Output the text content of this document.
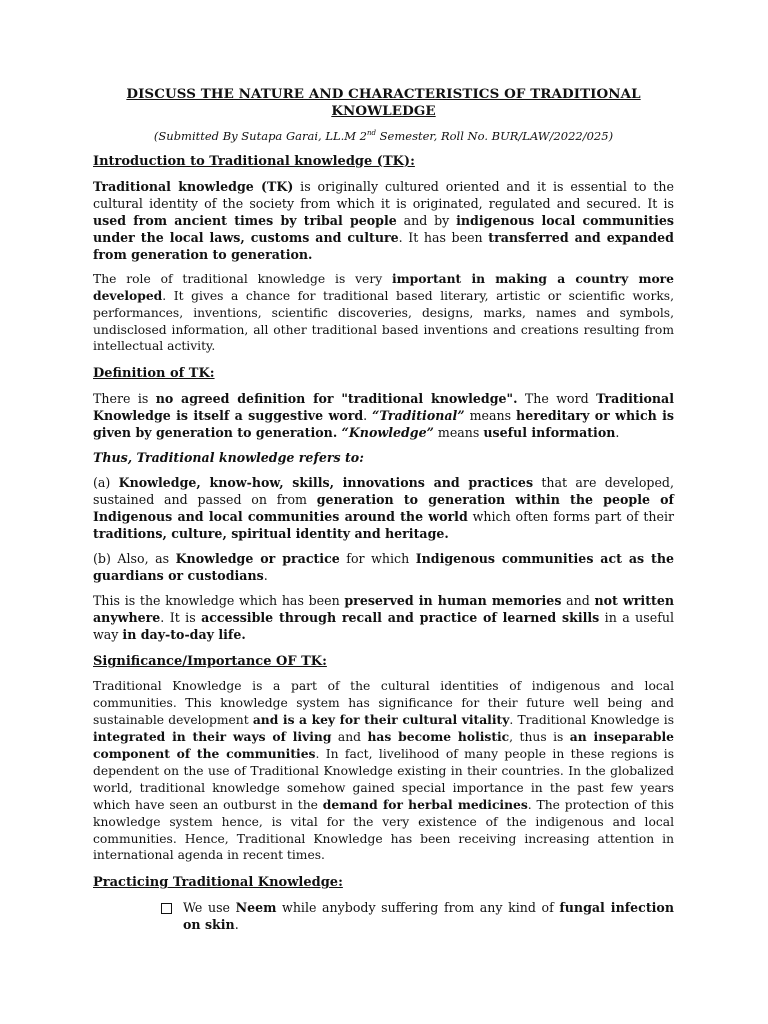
DISCUSS THE NATURE AND CHARACTERISTICS OF TRADITIONAL KNOWLEDGE
(Submitted By Sutapa Garai, LL.M 2nd Semester, Roll No. BUR/LAW/2022/025)
Introduction to Traditional knowledge (TK):

Traditional knowledge (TK) is originally cultured oriented and it is essential to the cultural identity of the society from which it is originated, regulated and secured. It is used from ancient times by tribal people and by indigenous local communities under the local laws, customs and culture. It has been transferred and expanded from generation to generation.

The role of traditional knowledge is very important in making a country more developed. It gives a chance for traditional based literary, artistic or scientific works, performances, inventions, scientific discoveries, designs, marks, names and symbols, undisclosed information, all other traditional based inventions and creations resulting from intellectual activity.

Definition of TK:

There is no agreed definition for "traditional knowledge". The word Traditional Knowledge is itself a suggestive word. “Traditional” means hereditary or which is given by generation to generation. “Knowledge” means useful information.

Thus, Traditional knowledge refers to:

(a) Knowledge, know-how, skills, innovations and practices that are developed, sustained and passed on from generation to generation within the people of Indigenous and local communities around the world which often forms part of their traditions, culture, spiritual identity and heritage.

(b) Also, as Knowledge or practice for which Indigenous communities act as the guardians or custodians.

This is the knowledge which has been preserved in human memories and not written anywhere. It is accessible through recall and practice of learned skills in a useful way in day-to-day life.

Significance/Importance OF TK:

Traditional Knowledge is a part of the cultural identities of indigenous and local communities. This knowledge system has significance for their future well being and sustainable development and is a key for their cultural vitality. Traditional Knowledge is integrated in their ways of living and has become holistic, thus is an inseparable component of the communities. In fact, livelihood of many people in these regions is dependent on the use of Traditional Knowledge existing in their countries. In the globalized world, traditional knowledge somehow gained special importance in the past few years which have seen an outburst in the demand for herbal medicines. The protection of this knowledge system hence, is vital for the very existence of the indigenous and local communities. Hence, Traditional Knowledge has been receiving increasing attention in international agenda in recent times.

Practicing Traditional Knowledge:
We use Neem while anybody suffering from any kind of fungal infection on skin.
